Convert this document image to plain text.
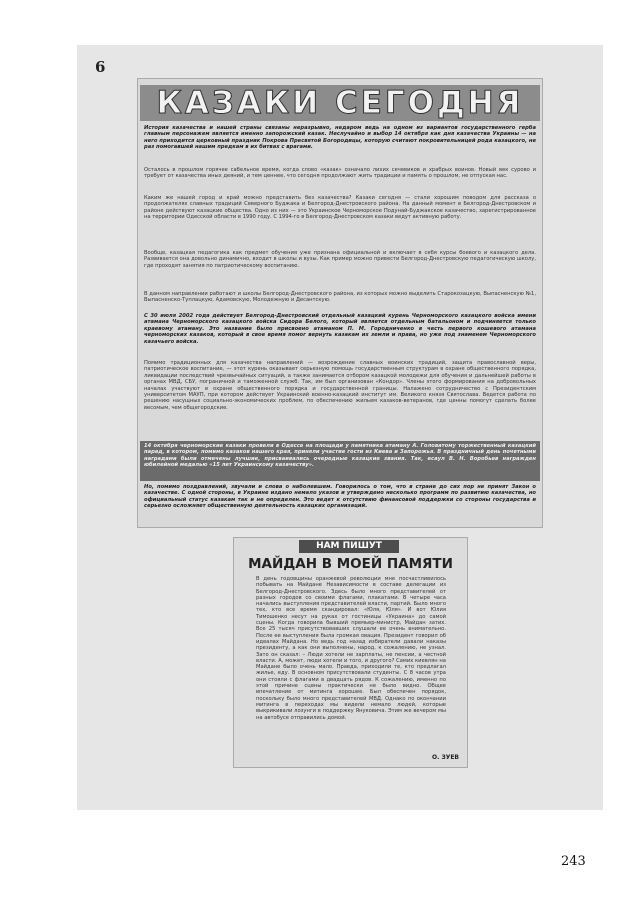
6
КАЗАКИ СЕГОДНЯ
История казачества и нашей страны связаны неразрывно, недаром ведь на одном из вариантов государственного герба главным персонажем является именно запорожский казак. Неслучайно и выбор 14 октября как дня казачества Украины — на него приходится церковный праздник Покрова Пресвятой Богородицы, которую считают покровительницей рода казацкого, не раз помогавшей нашим предкам в их битвах с врагами.
Осталось в прошлом горячее сабельное время, когда слово «казак» означало лихих сечевиков и храбрых воинов. Новый век сурово и требует от казачества иных деяний, и тем ценнее, что сегодня продолжают жить традиции и память о прошлом, не отпуская нас.
Каким же нашей город и край можно представить без казачества? Казаки сегодня — стали хорошим поводом для рассказа о продолжателях славных традиций Северного Буджака и Белгород-Днестровского района. На данный момент в Белгород-Днестровском и районе действуют казацкие общества. Одно из них — это Украинское Черноморское Подунай-Буджакское казачество, зарегистрированное на территории Одесской области в 1990 году. С 1994-го в Белгород-Днестровском казаки ведут активную работу.
Вообще, казацкая педагогика как предмет обучения уже признана официальной и включает в себя курсы боевого и казацкого дела. Развивается она довольно динамично, входит в школы и вузы. Как пример можно привести Белгород-Днестровскую педагогическую школу, где проходят занятия по патриотическому воспитанию.
В данном направлении работают и школы Белгород-Днестровского района, из которых можно выделить Старокозацкую, Выпасненскую №1, Выпасненско-Туплацкую, Адамовскую, Молодежную и Десантскую.
С 30 июля 2002 года действует Белгород-Днестровский отдельный казацкий курень Черноморского казацкого войска имени атамана Черноморского казацкого войска Сидора Белого, который является отдельным батальоном и подчиняется только краевому атаману. Это название было присвоено атаманом П. М. Городниченко в честь первого кошевого атамана черноморских казаков, который в свое время помог вернуть казакам их земли и права, но уже под знаменем Черноморского казачьего войска.
Помимо традиционных для казачества направлений — возрождение славных воинских традиций, защита православной веры, патриотическое воспитание, — этот курень оказывает серьезную помощь государственным структурам в охране общественного порядка, ликвидации последствий чрезвычайных ситуаций, а также занимается отбором казацкой молодежи для обучения и дальнейшей работы в органах МВД, СБУ, пограничной и таможенной служб. Так, им был организован «Кондор». Члены этого формирования на добровольных началах участвуют в охране общественного порядка и государственной границы. Налажено сотрудничество с Президентским университетом МАУП, при котором действует Украинский военно-казацкий институт им. Великого князя Святослава. Ведется работа по решению насущных социально-экономических проблем, по обеспечению жильем казаков-ветеранов, где ценны помогут сделать более весомым, чем общегородские.
14 октября черноморские казаки провели в Одессе на площади у памятника атаману А. Головатому торжественный казацкий парад, в котором, помимо казаков нашего края, приняли участие гости из Киева и Запорожья. В праздничный день почетными наградами были отмечены лучшие, присваивались очередные казацкие звания. Так, есаул В. Н. Воробьев награжден юбилейной медалью «15 лет Украинскому казачеству».
Но, помимо поздравлений, звучали и слова о наболевшем. Говорилось о том, что в стране до сих пор не принят Закон о казачестве. С одной стороны, в Украине издано немало указов и утверждено несколько программ по развитию казачества, но официальный статус казакам так и не определен. Это ведет к отсутствию финансовой поддержки со стороны государства и серьезно осложняет общественную деятельность казацких организаций.
НАМ ПИШУТ
МАЙДАН В МОЕЙ ПАМЯТИ
В день годовщины оранжевой революции мне посчастливилось побывать на Майдане Независимости в составе делегации из Белгород-Днестровского. Здесь было много представителей от разных городов со своими флагами, плакатами. В четыре часа начались выступления представителей власти, партий. Было много тех, кто все время скандировал: «Юля, Юля». И вот Юлия Тимошенко несут на руках от гостиницы «Украина» до самой сцены. Когда говорила бывший премьер-министр, Майдан затих. Все 25 тысяч присутствовавших слушали ее очень внимательно. После ее выступления была громкая овация. Президент говорил об идеалах Майдана. Но ведь год назад избиратели давали наказы президенту, а как они выполнены, народ, к сожалению, не узнал. Зато он сказал: – Люди хотели не зарплаты, не пенсии, а честной власти. А, может, люди хотели и того, и другого? Самих киевлян на Майдане было очень мало. Правда, приходили те, кто предлагал жилье, еду. В основном присутствовали студенты. С 8 часов утра они стояли с флагами в двадцать рядов. К сожалению, именно по этой причине сцены практически не было видно. Общее впечатление от митинга хорошее. Был обеспечен порядок, поскольку было много представителей МВД. Однако по окончании митинга в переходах мы видели немало людей, которые выкрикивали лозунги в поддержку Януковича. Этим же вечером мы на автобусе отправились домой.
О. ЗУЕВ
243
